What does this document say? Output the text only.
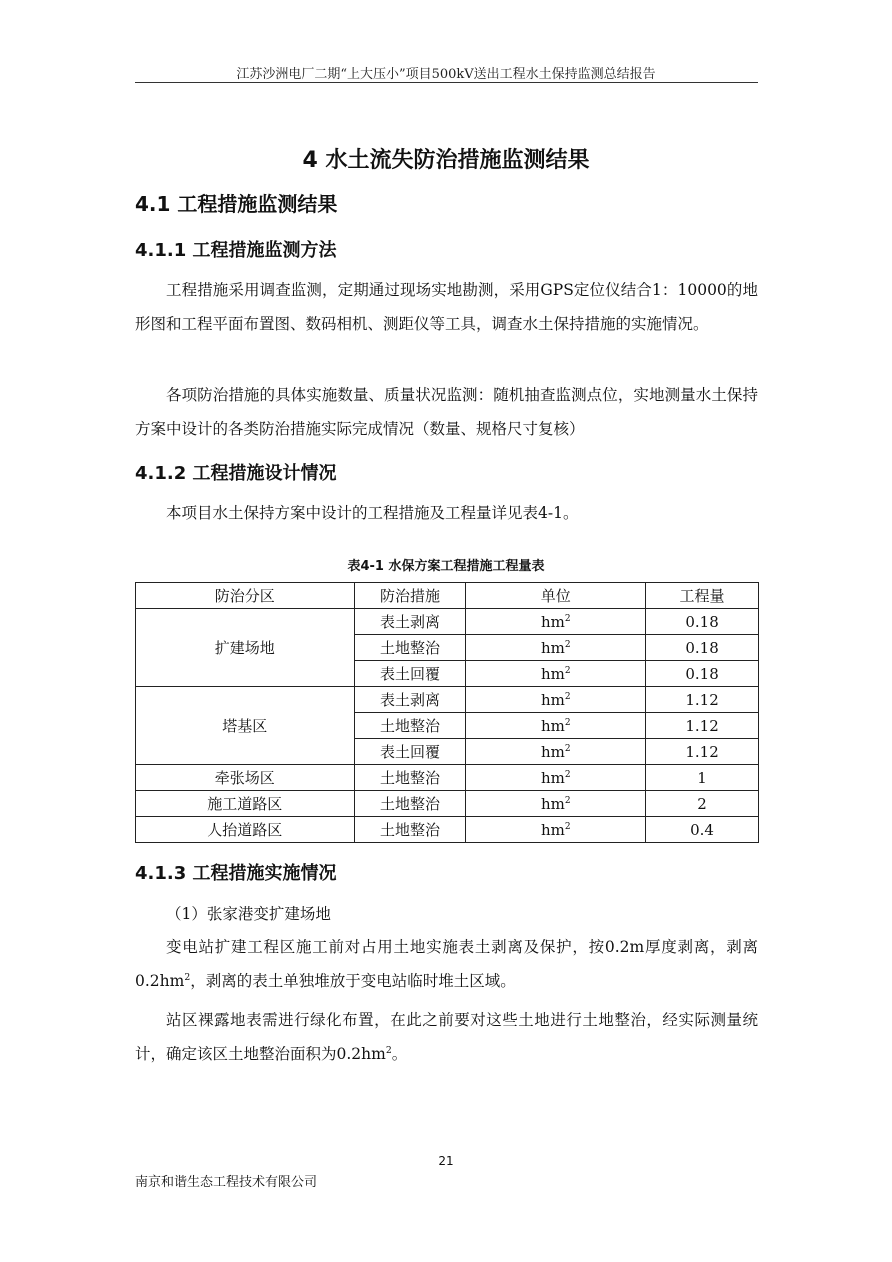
江苏沙洲电厂二期“上大压小”项目500kV送出工程水土保持监测总结报告
4 水土流失防治措施监测结果
4.1 工程措施监测结果
4.1.1 工程措施监测方法
工程措施采用调查监测，定期通过现场实地勘测，采用GPS定位仪结合1：10000的地形图和工程平面布置图、数码相机、测距仪等工具，调查水土保持措施的实施情况。
各项防治措施的具体实施数量、质量状况监测：随机抽查监测点位，实地测量水土保持方案中设计的各类防治措施实际完成情况（数量、规格尺寸复核）
4.1.2 工程措施设计情况
本项目水土保持方案中设计的工程措施及工程量详见表4-1。
表4-1 水保方案工程措施工程量表
防治分区	防治措施	单位	工程量
扩建场地	表土剥离	$hm^2$	0.18
	土地整治	$hm^2$	0.18
	表土回覆	$hm^2$	0.18
塔基区	表土剥离	$hm^2$	1.12
	土地整治	$hm^2$	1.12
	表土回覆	$hm^2$	1.12
牵张场区	土地整治	$hm^2$	1
施工道路区	土地整治	$hm^2$	2
人抬道路区	土地整治	$hm^2$	0.4
4.1.3 工程措施实施情况
（1）张家港变扩建场地
变电站扩建工程区施工前对占用土地实施表土剥离及保护，按0.2m厚度剥离，剥离$0.2hm^2$，剥离的表土单独堆放于变电站临时堆土区域。
站区裸露地表需进行绿化布置，在此之前要对这些土地进行土地整治，经实际测量统计，确定该区土地整治面积为$0.2hm^2$。
21
南京和谐生态工程技术有限公司
